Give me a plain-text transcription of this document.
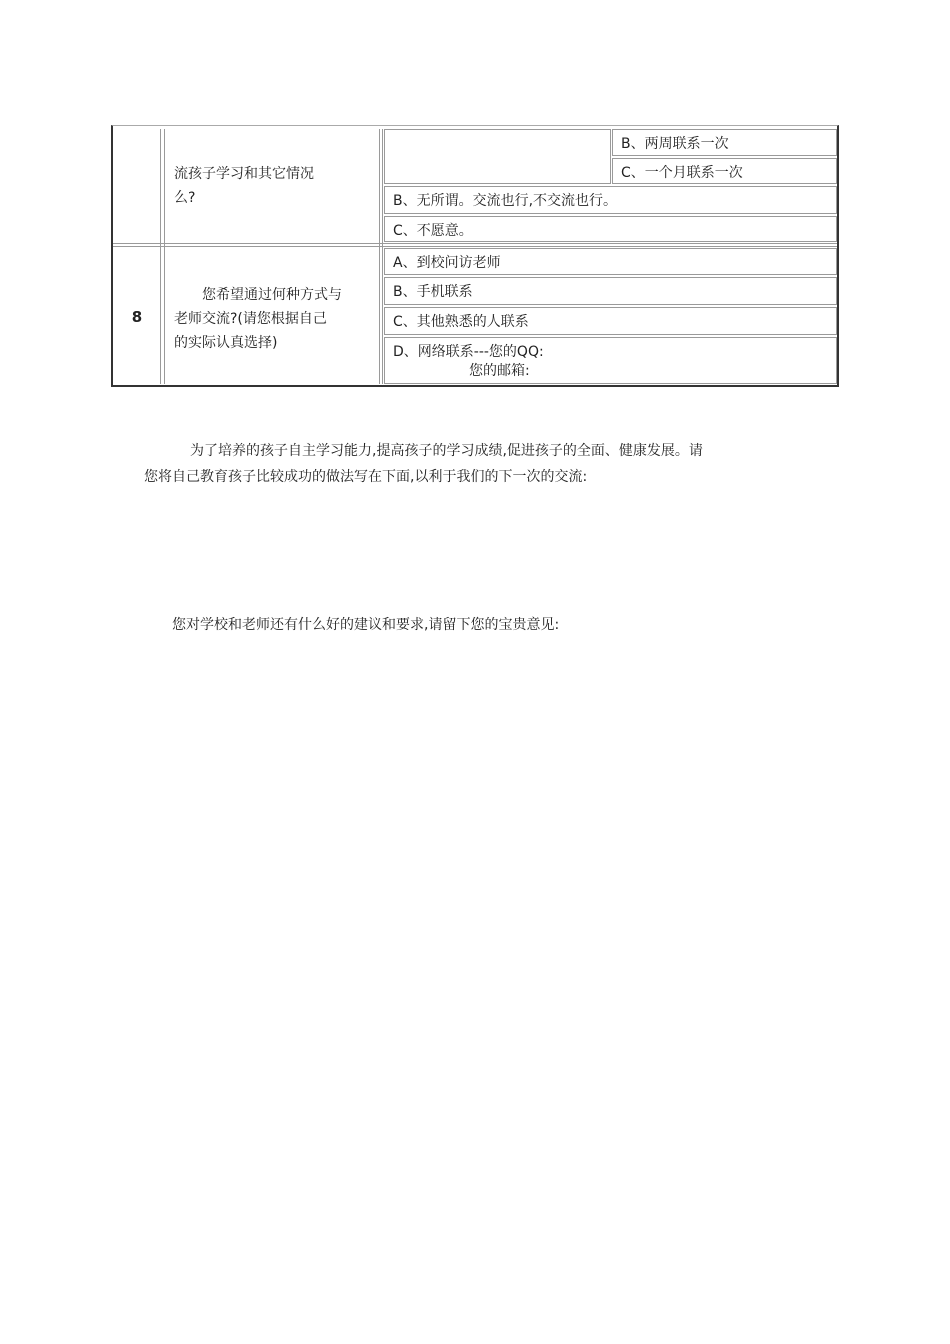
流孩子学习和其它情况
么?
B、两周联系一次
C、一个月联系一次
B、无所谓。交流也行,不交流也行。
C、不愿意。
8
您希望通过何种方式与
老师交流?(请您根据自己
的实际认真选择)
A、到校问访老师
B、手机联系
C、其他熟悉的人联系
D、网络联系---您的QQ:
您的邮箱:
为了培养的孩子自主学习能力,提高孩子的学习成绩,促进孩子的全面、健康发展。请
您将自己教育孩子比较成功的做法写在下面,以利于我们的下一次的交流:
您对学校和老师还有什么好的建议和要求,请留下您的宝贵意见:
